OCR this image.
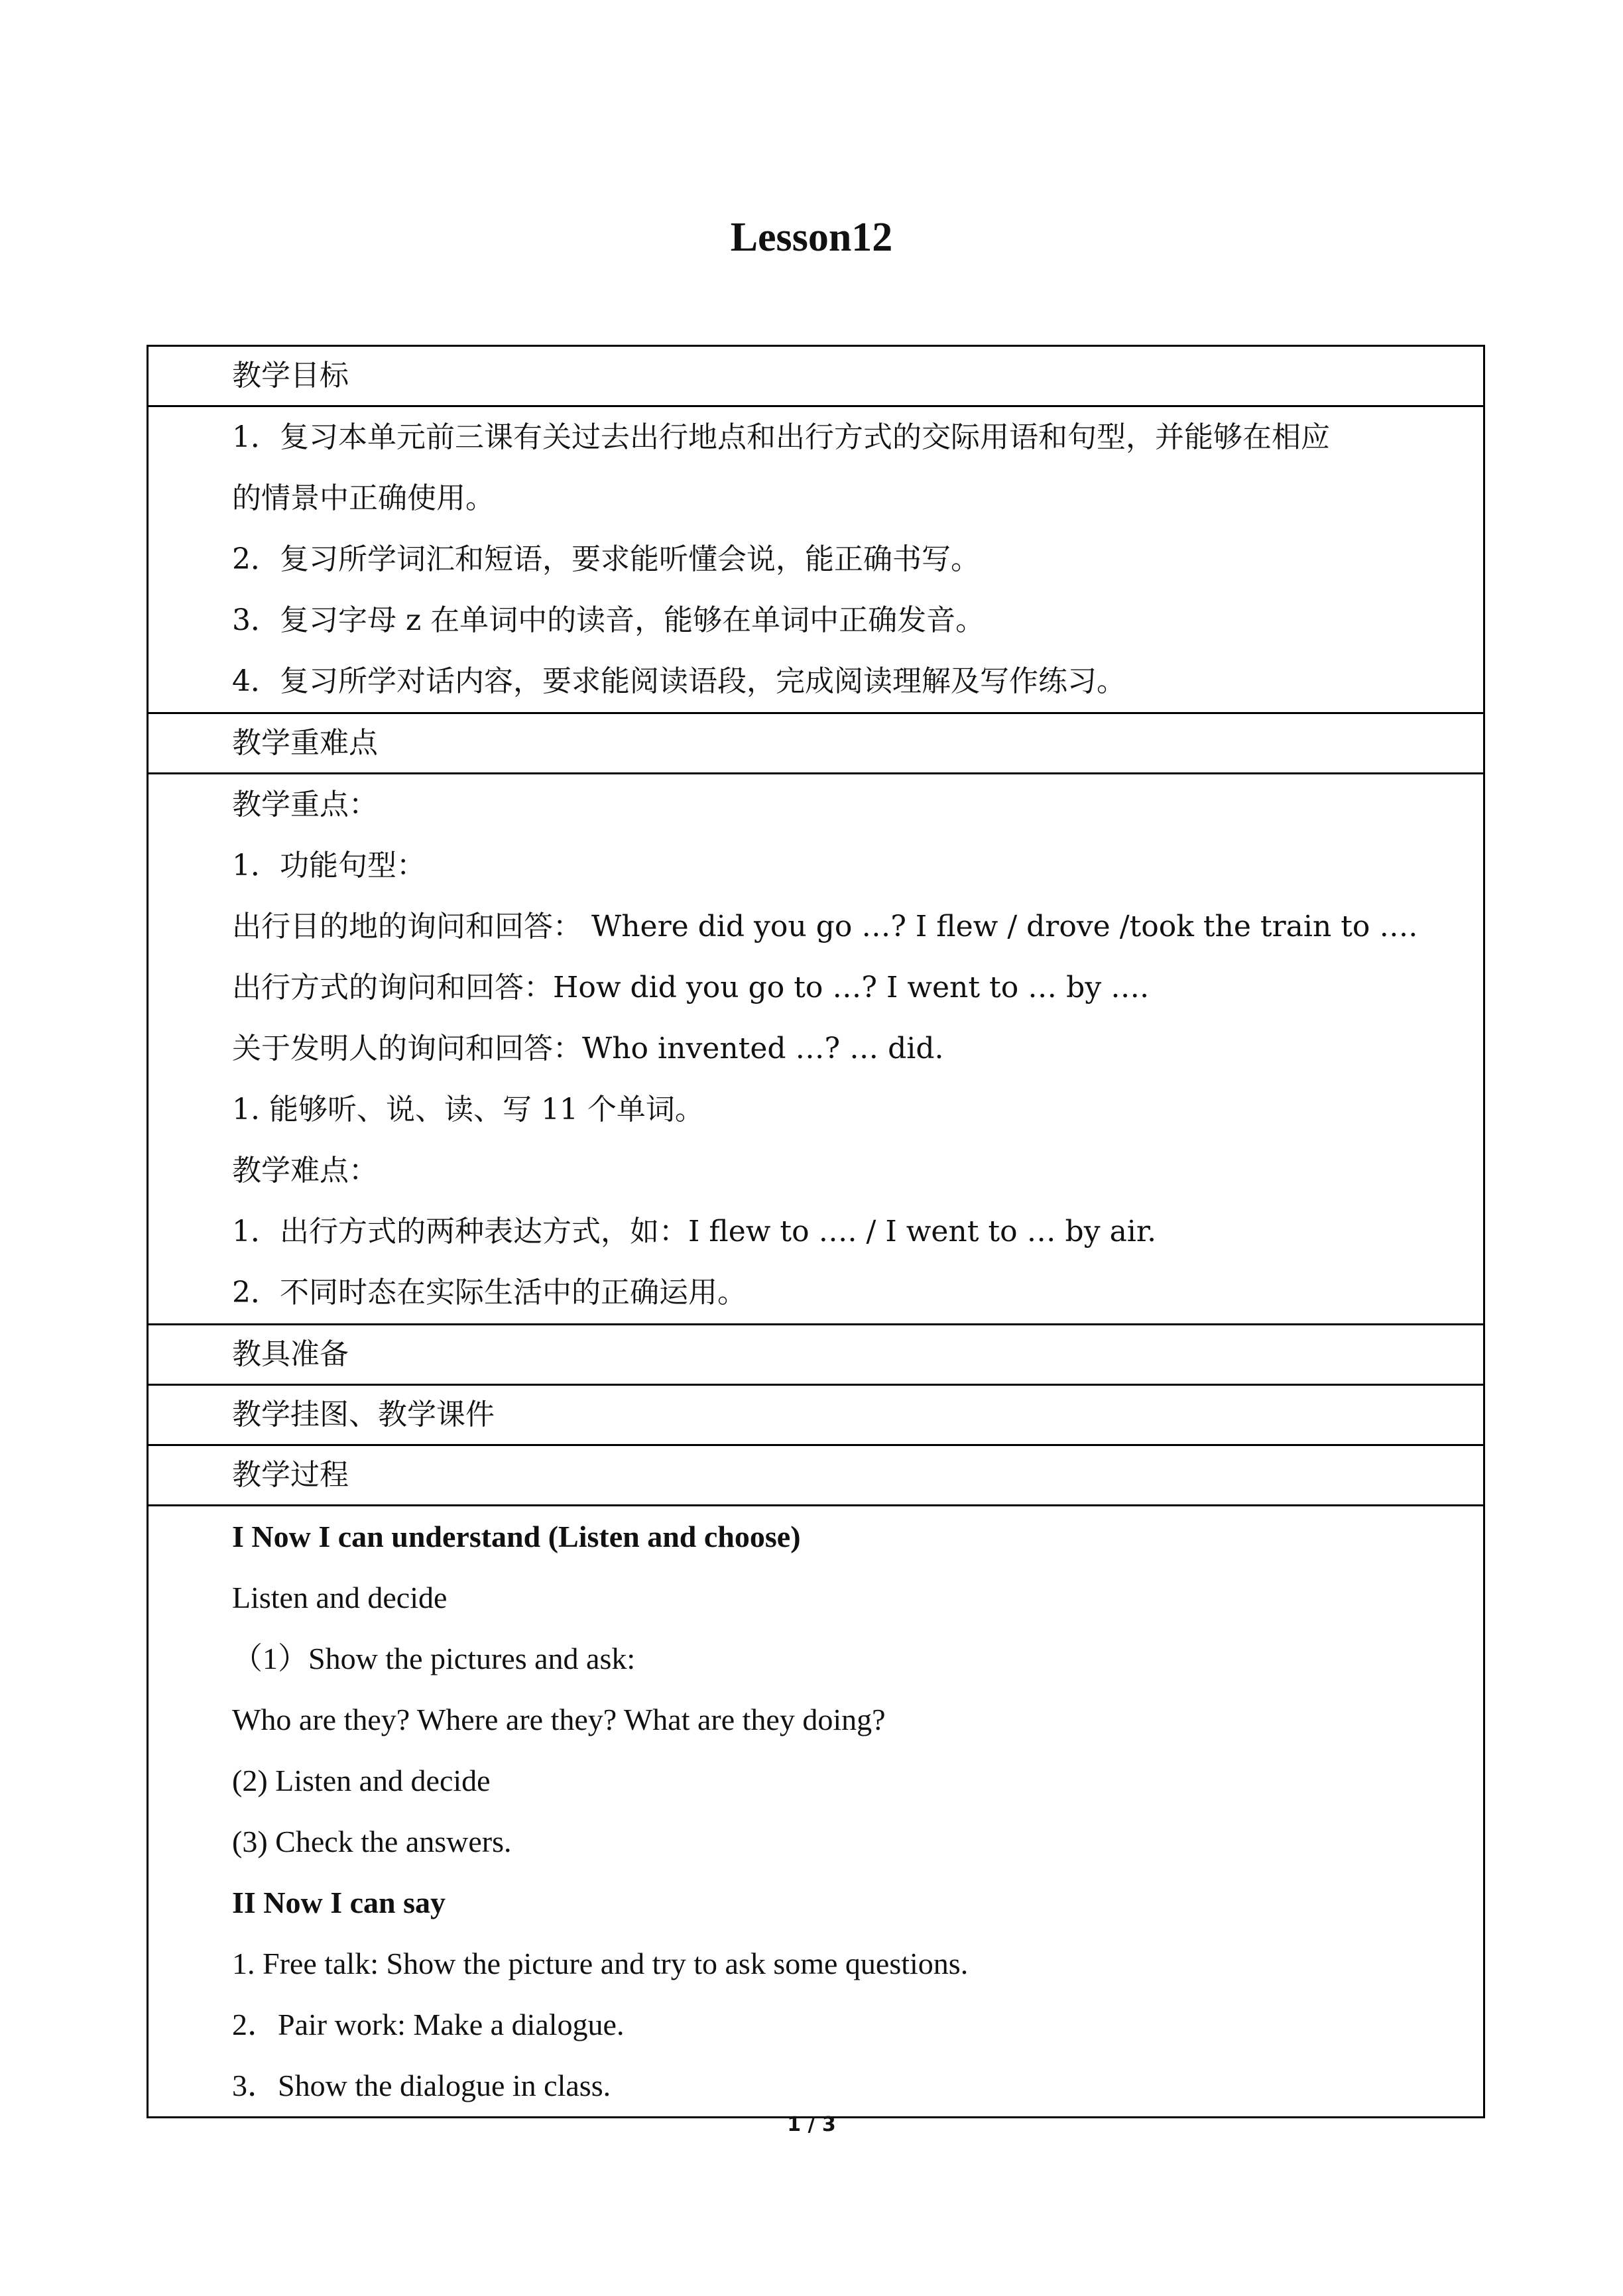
Lesson12
教学目标

1．复习本单元前三课有关过去出行地点和出行方式的交际用语和句型，并能够在相应
的情景中正确使用。
2．复习所学词汇和短语，要求能听懂会说，能正确书写。
3．复习字母 z 在单词中的读音，能够在单词中正确发音。
4．复习所学对话内容，要求能阅读语段，完成阅读理解及写作练习。

教学重难点

教学重点：
1．功能句型：
出行目的地的询问和回答： Where did you go …? I flew / drove /took the train to ….
出行方式的询问和回答：How did you go to …? I went to … by ….
关于发明人的询问和回答：Who invented …? … did.
1. 能够听、说、读、写 11 个单词。
教学难点：
1．出行方式的两种表达方式，如：I flew to …. / I went to … by air.
2．不同时态在实际生活中的正确运用。

教具准备

教学挂图、教学课件

教学过程

I Now I can understand (Listen and choose)
Listen and decide
（1）Show the pictures and ask:
Who are they? Where are they? What are they doing?
(2) Listen and decide
(3) Check the answers.
II Now I can say
1. Free talk: Show the picture and try to ask some questions.
2．Pair work: Make a dialogue.
3．Show the dialogue in class.
1 / 3
